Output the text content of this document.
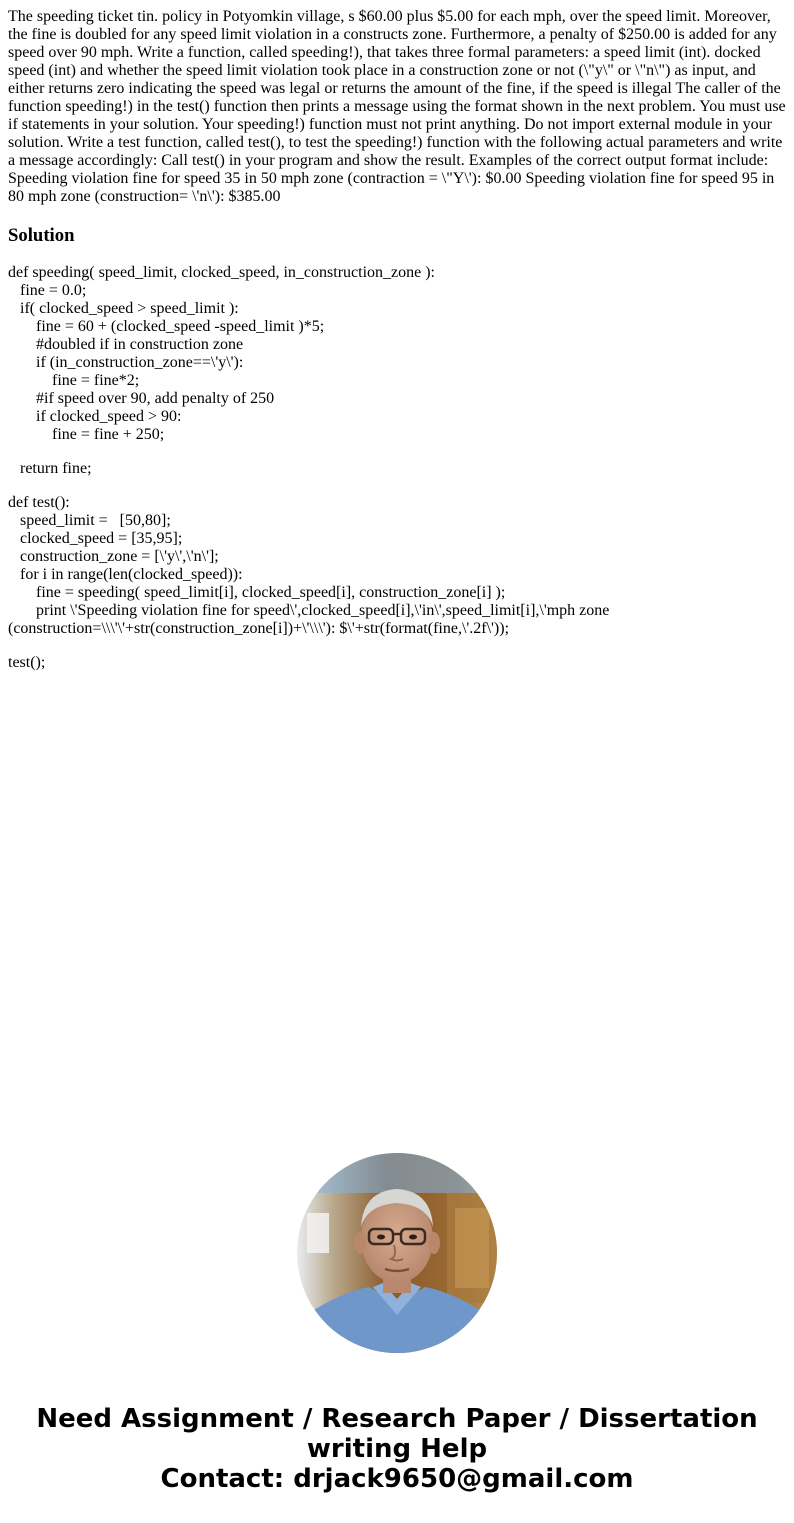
The speeding ticket tin. policy in Potyomkin village, s $60.00 plus $5.00 for each mph, over the speed limit. Moreover, the fine is doubled for any speed limit violation in a constructs zone. Furthermore, a penalty of $250.00 is added for any speed over 90 mph. Write a function, called speeding!), that takes three formal parameters: a speed limit (int). docked speed (int) and whether the speed limit violation took place in a construction zone or not (\"y\" or \"n\") as input, and either returns zero indicating the speed was legal or returns the amount of the fine, if the speed is illegal The caller of the function speeding!) in the test() function then prints a message using the format shown in the next problem. You must use if statements in your solution. Your speeding!) function must not print anything. Do not import external module in your solution. Write a test function, called test(), to test the speeding!) function with the following actual parameters and write a message accordingly: Call test() in your program and show the result. Examples of the correct output format include: Speeding violation fine for speed 35 in 50 mph zone (contraction = \"Y\'): $0.00 Speeding violation fine for speed 95 in 80 mph zone (construction= \'n\'): $385.00

Solution
def speeding( speed_limit, clocked_speed, in_construction_zone ):
fine = 0.0;
if( clocked_speed > speed_limit ):
fine = 60 + (clocked_speed -speed_limit )*5;
#doubled if in construction zone
if (in_construction_zone==\'y\'):
fine = fine*2;
#if speed over 90, add penalty of 250
if clocked_speed > 90:
fine = fine + 250;
return fine;
def test():
speed_limit =   [50,80];
clocked_speed = [35,95];
construction_zone = [\'y\',\'n\'];
for i in range(len(clocked_speed)):
fine = speeding( speed_limit[i], clocked_speed[i], construction_zone[i] );
print \'Speeding violation fine for speed\',clocked_speed[i],\'in\',speed_limit[i],\'mph zone (construction=\\\'\'+str(construction_zone[i])+\'\\\'): $\'+str(format(fine,\'.2f\'));
test();
Need Assignment / Research Paper / Dissertation
writing Help
Contact: drjack9650@gmail.com
